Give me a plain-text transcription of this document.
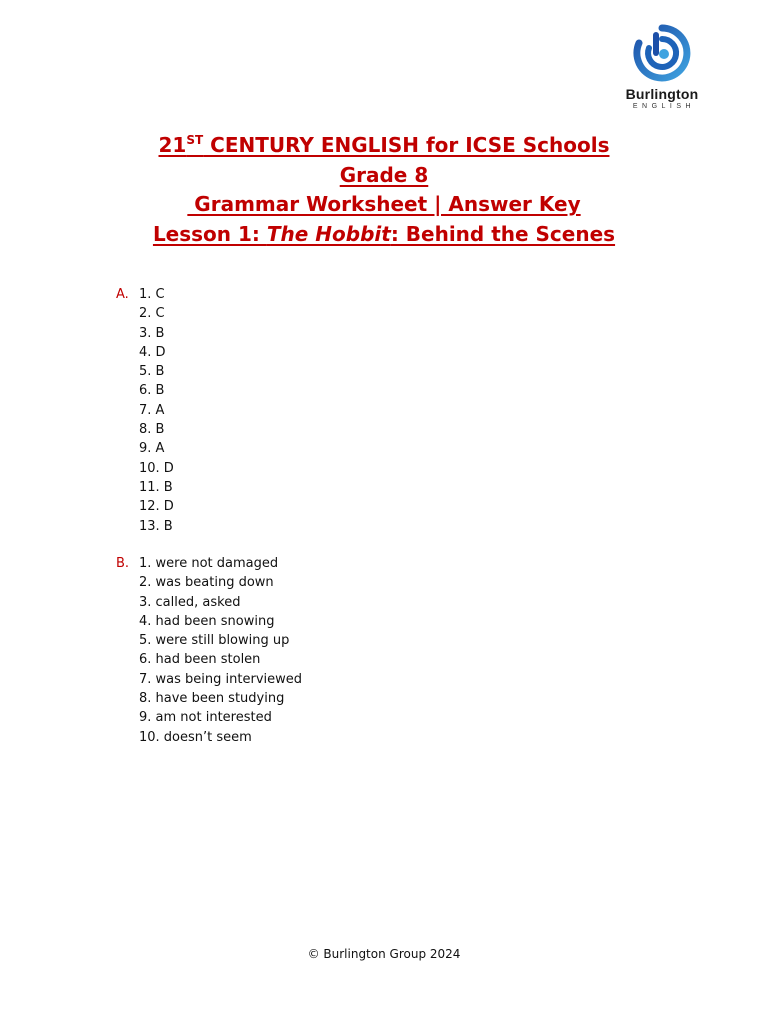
Burlington
ENGLISH
21ST CENTURY ENGLISH for ICSE Schools
Grade 8
Grammar Worksheet | Answer Key
Lesson 1: The Hobbit: Behind the Scenes
A. 1. C
2. C
3. B
4. D
5. B
6. B
7. A
8. B
9. A
10. D
11. B
12. D
13. B
B. 1. were not damaged
2. was beating down
3. called, asked
4. had been snowing
5. were still blowing up
6. had been stolen
7. was being interviewed
8. have been studying
9. am not interested
10. doesn’t seem
© Burlington Group 2024
